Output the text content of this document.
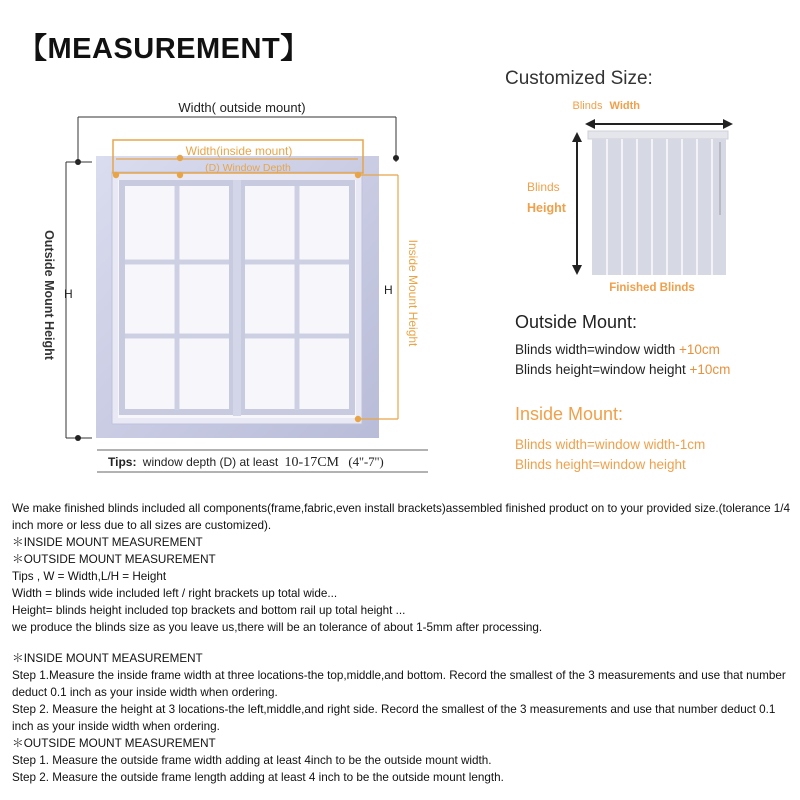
【MEASUREMENT】
Width( outside mount)
Outside Mount Height H
Width(inside mount)
(D) Window Depth
Inside Mount Height
H
Tips: window depth (D) at least 10-17CM (4''-7'')
Customized Size:
Blinds Width
Blinds
Height
Finished Blinds
Outside Mount:
Blinds width=window width +10cm
Blinds height=window height +10cm
Inside Mount:
Blinds width=window width-1cm
Blinds height=window height

We make finished blinds included all components(frame,fabric,even install brackets)assembled finished product on to your provided size.(tolerance 1/4 inch more or less due to all sizes are customized).

＊INSIDE MOUNT MEASUREMENT

＊OUTSIDE MOUNT MEASUREMENT

Tips , W = Width,L/H = Height

Width = blinds wide included left / right brackets up total wide...

Height= blinds height included top brackets and bottom rail up total height ...

we produce the blinds size as you leave us,there will be an tolerance of about 1-5mm after processing.

＊INSIDE MOUNT MEASUREMENT

Step 1.Measure the inside frame width at three locations-the top,middle,and bottom. Record the smallest of the 3 measurements and use that number deduct 0.1 inch as your inside width when ordering.

Step 2. Measure the height at 3 locations-the left,middle,and right side. Record the smallest of the 3 measurements and use that number deduct 0.1 inch as your inside width when ordering.

＊OUTSIDE MOUNT MEASUREMENT

Step 1. Measure the outside frame width adding at least 4inch to be the outside mount width.

Step 2. Measure the outside frame length adding at least 4 inch to be the outside mount length.
